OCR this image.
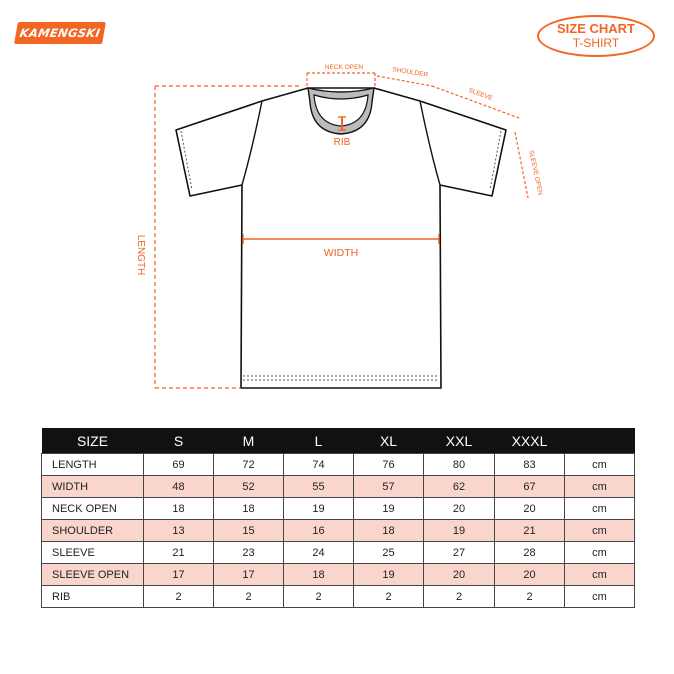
KAMENGSKI	SIZE CHART
T-SHIRT
NECK OPEN	SHOULDER
SLEEVE
SLEEVE OPEN
RIB
WIDTH
LENGTH
SIZE	S	M	L	XL	XXL	XXXL	
LENGTH	69	72	74	76	80	83	cm
WIDTH	48	52	55	57	62	67	cm
NECK OPEN	18	18	19	19	20	20	cm
SHOULDER	13	15	16	18	19	21	cm
SLEEVE	21	23	24	25	27	28	cm
SLEEVE OPEN	17	17	18	19	20	20	cm
RIB	2	2	2	2	2	2	cm
